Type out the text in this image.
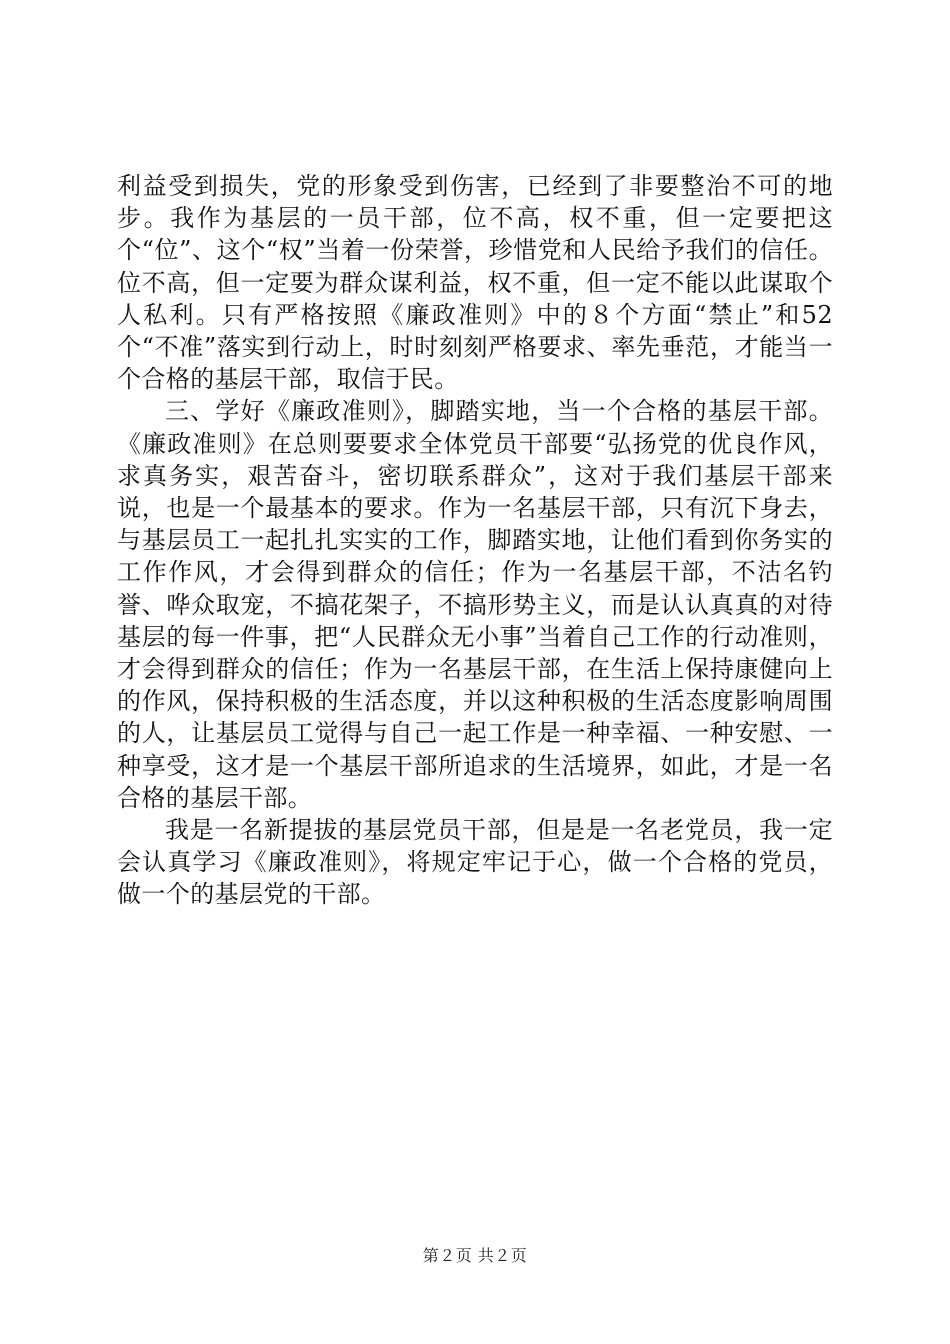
利益受到损失，党的形象受到伤害，已经到了非要整治不可的地步。我作为基层的一员干部，位不高，权不重，但一定要把这个“位”、这个“权”当着一份荣誉，珍惜党和人民给予我们的信任。位不高，但一定要为群众谋利益，权不重，但一定不能以此谋取个人私利。只有严格按照《廉政准则》中的８个方面“禁止”和52个“不准”落实到行动上，时时刻刻严格要求、率先垂范，才能当一个合格的基层干部，取信于民。

三、学好《廉政准则》，脚踏实地，当一个合格的基层干部。《廉政准则》在总则要要求全体党员干部要“弘扬党的优良作风，求真务实，艰苦奋斗，密切联系群众”，这对于我们基层干部来说，也是一个最基本的要求。作为一名基层干部，只有沉下身去，与基层员工一起扎扎实实的工作，脚踏实地，让他们看到你务实的工作作风，才会得到群众的信任；作为一名基层干部，不沽名钓誉、哗众取宠，不搞花架子，不搞形势主义，而是认认真真的对待基层的每一件事，把“人民群众无小事”当着自己工作的行动准则，才会得到群众的信任；作为一名基层干部，在生活上保持康健向上的作风，保持积极的生活态度，并以这种积极的生活态度影响周围的人，让基层员工觉得与自己一起工作是一种幸福、一种安慰、一种享受，这才是一个基层干部所追求的生活境界，如此，才是一名合格的基层干部。

我是一名新提拔的基层党员干部，但是是一名老党员，我一定会认真学习《廉政准则》，将规定牢记于心，做一个合格的党员，做一个的基层党的干部。

第２页 共２页
